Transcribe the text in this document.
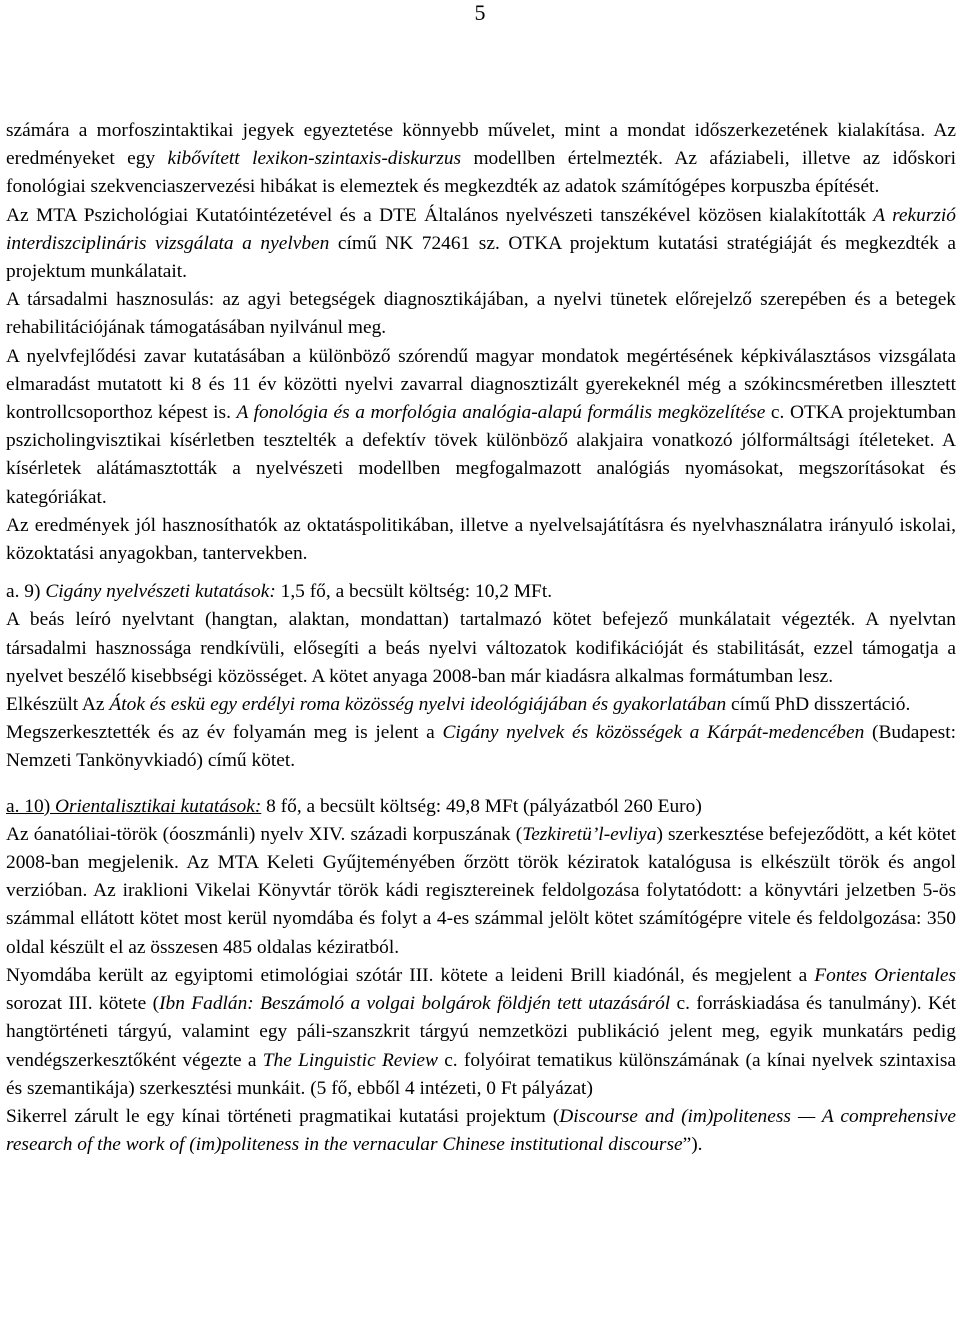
5

számára a morfoszintaktikai jegyek egyeztetése könnyebb művelet, mint a mondat időszerkezetének kialakítása. Az eredményeket egy kibővített lexikon-szintaxis-diskurzus modellben értelmezték. Az afáziabeli, illetve az időskori fonológiai szekvenciaszervezési hibákat is elemeztek és megkezdték az adatok számítógépes korpuszba építését.

Az MTA Pszichológiai Kutatóintézetével és a DTE Általános nyelvészeti tanszékével közösen kialakították A rekurzió interdiszciplináris vizsgálata a nyelvben című NK 72461 sz. OTKA projektum kutatási stratégiáját és megkezdték a projektum munkálatait.

A társadalmi hasznosulás: az agyi betegségek diagnosztikájában, a nyelvi tünetek előrejelző szerepében és a betegek rehabilitációjának támogatásában nyilvánul meg.

A nyelvfejlődési zavar kutatásában a különböző szórendű magyar mondatok megértésének képkiválasztásos vizsgálata elmaradást mutatott ki 8 és 11 év közötti nyelvi zavarral diagnosztizált gyerekeknél még a szókincsméretben illesztett kontrollcsoporthoz képest is. A fonológia és a morfológia analógia-alapú formális megközelítése c. OTKA projektumban pszicholingvisztikai kísérletben tesztelték a defektív tövek különböző alakjaira vonatkozó jólformáltsági ítéleteket. A kísérletek alátámasztották a nyelvészeti modellben megfogalmazott analógiás nyomásokat, megszorításokat és kategóriákat.

Az eredmények jól hasznosíthatók az oktatáspolitikában, illetve a nyelvelsajátításra és nyelvhasználatra irányuló iskolai, közoktatási anyagokban, tantervekben.

a. 9) Cigány nyelvészeti kutatások: 1,5 fő, a becsült költség: 10,2 MFt.

A beás leíró nyelvtant (hangtan, alaktan, mondattan) tartalmazó kötet befejező munkálatait végezték. A nyelvtan társadalmi hasznossága rendkívüli, elősegíti a beás nyelvi változatok kodifikációját és stabilitását, ezzel támogatja a nyelvet beszélő kisebbségi közösséget. A kötet anyaga 2008-ban már kiadásra alkalmas formátumban lesz.

Elkészült Az Átok és eskü egy erdélyi roma közösség nyelvi ideológiájában és gyakorlatában című PhD disszertáció.

Megszerkesztették és az év folyamán meg is jelent a Cigány nyelvek és közösségek a Kárpát-medencében (Budapest: Nemzeti Tankönyvkiadó) című kötet.

a. 10) Orientalisztikai kutatások: 8 fő, a becsült költség: 49,8 MFt (pályázatból 260 Euro)

Az óanatóliai-török (óoszmánli) nyelv XIV. századi korpuszának (Tezkiretü’l-evliya) szerkesztése befejeződött, a két kötet 2008-ban megjelenik. Az MTA Keleti Gyűjteményében őrzött török kéziratok katalógusa is elkészült török és angol verzióban. Az iraklioni Vikelai Könyvtár török kádi regisztereinek feldolgozása folytatódott: a könyvtári jelzetben 5-ös számmal ellátott kötet most kerül nyomdába és folyt a 4-es számmal jelölt kötet számítógépre vitele és feldolgozása: 350 oldal készült el az összesen 485 oldalas kéziratból.

Nyomdába került az egyiptomi etimológiai szótár III. kötete a leideni Brill kiadónál, és megjelent a Fontes Orientales sorozat III. kötete (Ibn Fadlán: Beszámoló a volgai bolgárok földjén tett utazásáról c. forráskiadása és tanulmány). Két hangtörténeti tárgyú, valamint egy páli-szanszkrit tárgyú nemzetközi publikáció jelent meg, egyik munkatárs pedig vendégszerkesztőként végezte a The Linguistic Review c. folyóirat tematikus különszámának (a kínai nyelvek szintaxisa és szemantikája) szerkesztési munkáit. (5 fő, ebből 4 intézeti, 0 Ft pályázat)

Sikerrel zárult le egy kínai történeti pragmatikai kutatási projektum (Discourse and (im)politeness — A comprehensive research of the work of (im)politeness in the vernacular Chinese institutional discourse”).
